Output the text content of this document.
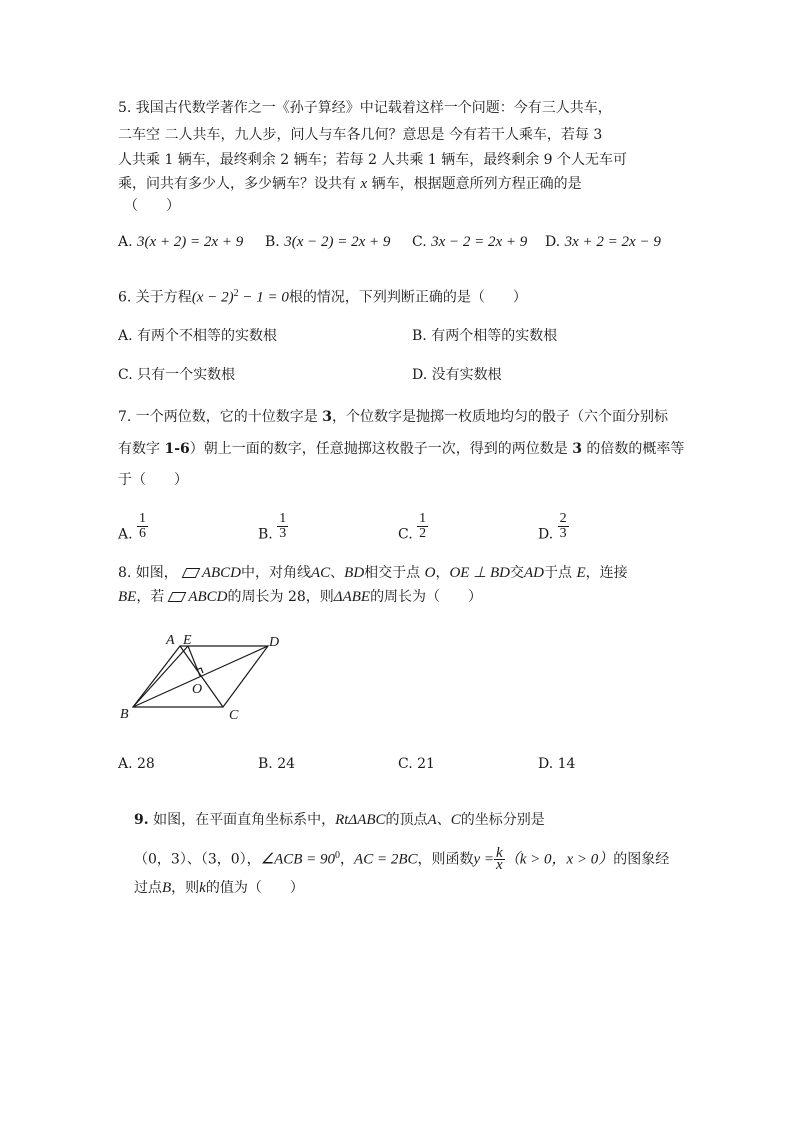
5. 我国古代数学著作之一《孙子算经》中记载着这样一个问题：今有三人共车，
二车空 二人共车，九人步，问人与车各几何？意思是 今有若干人乘车，若每 3
人共乘 1 辆车，最终剩余 2 辆车；若每 2 人共乘 1 辆车，最终剩余 9 个人无车可
乘，问共有多少人，多少辆车？设共有 x 辆车，根据题意所列方程正确的是
（　　）
A. 3(x + 2) = 2x + 9 B. 3(x − 2) = 2x + 9 C. 3x − 2 = 2x + 9 D. 3x + 2 = 2x − 9
6. 关于方程$(x - 2)^2 - 1 = 0$根的情况，下列判断正确的是（　　）
A. 有两个不相等的实数根	B. 有两个相等的实数根
C. 只有一个实数根	D. 没有实数根
7. 一个两位数，它的十位数字是 3，个位数字是抛掷一枚质地均匀的骰子（六个面分别标
有数字 1-6）朝上一面的数字，任意抛掷这枚骰子一次，得到的两位数是 3 的倍数的概率等
于（　　）
A. $\frac{1}{6}$	B. $\frac{1}{3}$	C. $\frac{1}{2}$	D. $\frac{2}{3}$
8. 如图， ABCD中，对角线AC、BD相交于点 O，OE ⊥ BD交AD于点 E，连接
BE，若 ABCD的周长为 28，则ΔABE的周长为（　　）
A E	D
O
B	C
A. 28	B. 24	C. 21	D. 14
9. 如图，在平面直角坐标系中，RtΔABC的顶点A、C的坐标分别是
（0，3）、（3，0），∠ACB = $90^0$，AC = 2BC，则函数$y = \frac{k}{x} (k > 0$，x > 0）的图象经
过点B，则k的值为（　　）
